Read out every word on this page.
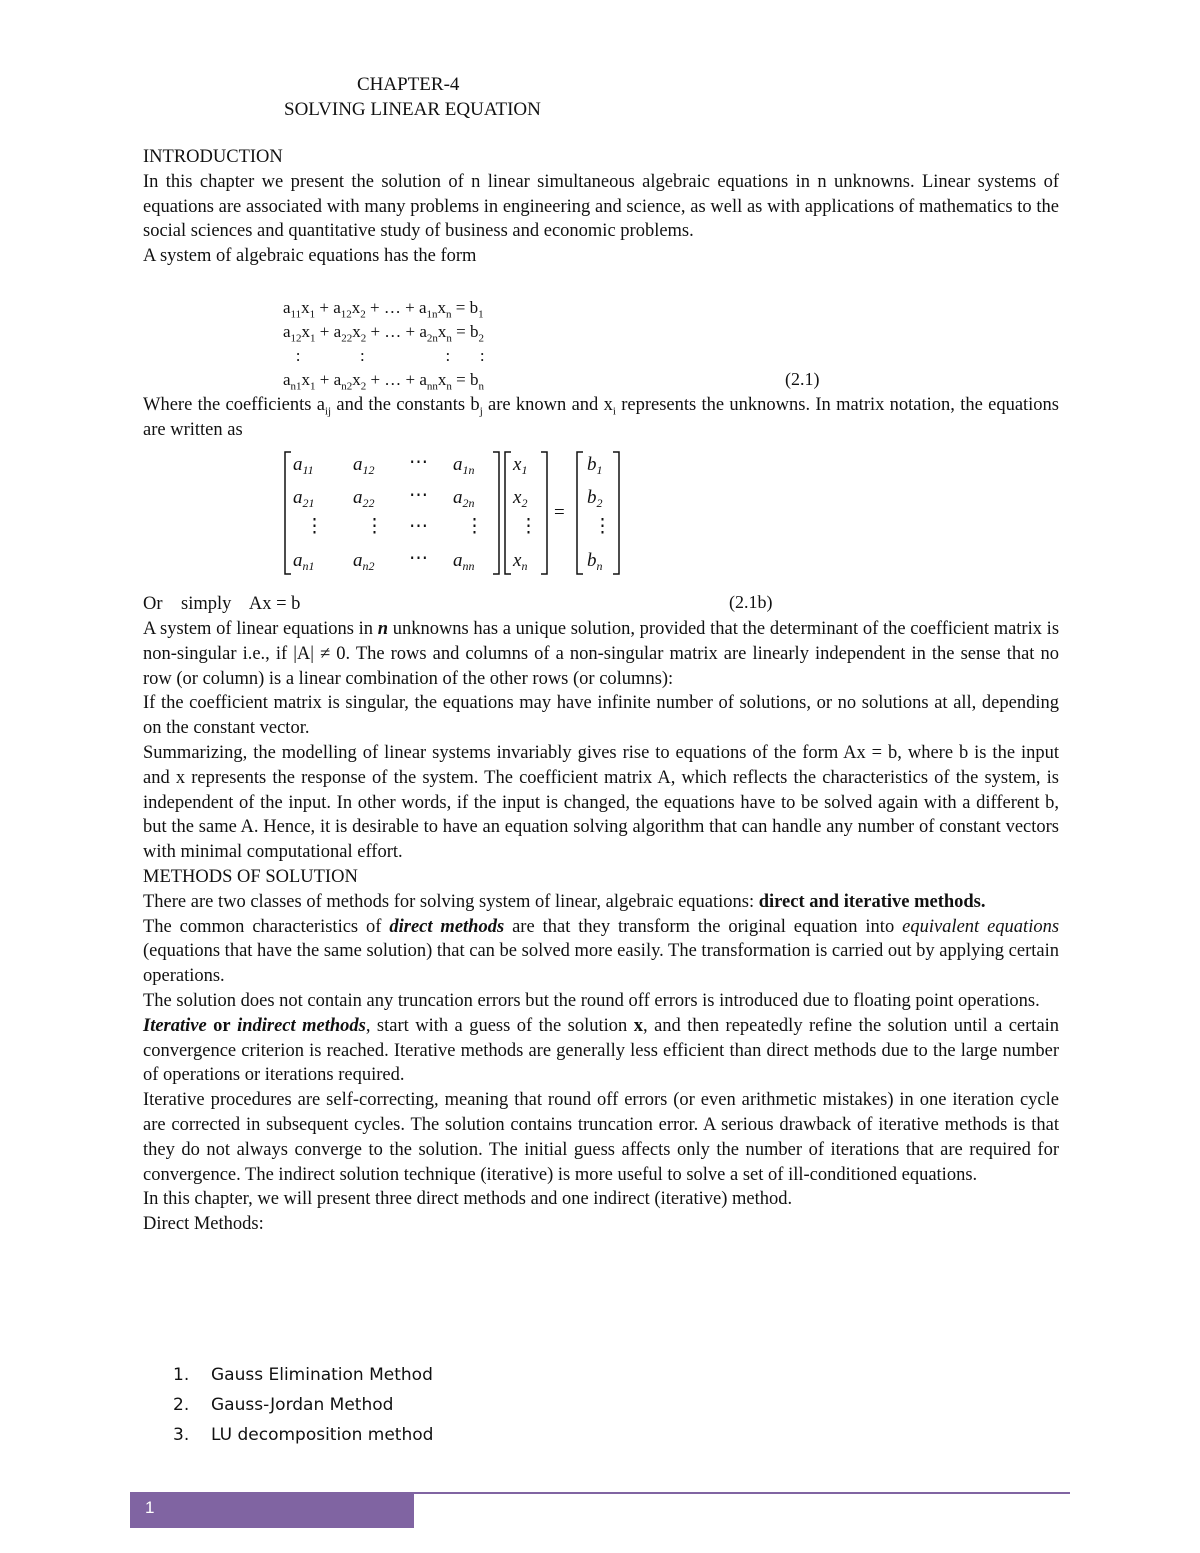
CHAPTER-4
SOLVING LINEAR EQUATION
INTRODUCTION

In this chapter we present the solution of n linear simultaneous algebraic equations in n unknowns. Linear systems of equations are associated with many problems in engineering and science, as well as with applications of mathematics to the social sciences and quantitative study of business and economic problems.

A system of algebraic equations has the form
$a_{11}x_1 + a_{12}x_2$ + … + $a_{1n}x_n = b_1$
$a_{12}x_1 + a_{22}x_2$ + … + $a_{2n}x_n = b_2$
:              :                   :       :
$a_{n1}x_1 + a_{n2}x_2$ + … + $a_{nn}x_n = b_n$	(2.1)

Where the coefficients $a_{ij}$ and the constants $b_j$ are known and $x_i$ represents the unknowns. In matrix notation, the equations are written as

$a_{11}$ $a_{12}$ ⋯ $a_{1n}$
$a_{21}$ $a_{22}$ ⋯ $a_{2n}$
⋮ ⋮ ⋯ ⋮
$a_{n1}$ $a_{n2}$ ⋯ $a_{nn}$
$x_1$
$x_2$
⋮
$x_n$
=
$b_1$
$b_2$
⋮
$b_n$
Or    simply    Ax = b	(2.1b)

A system of linear equations in n unknowns has a unique solution, provided that the determinant of the coefficient matrix is non-singular i.e., if |A| ≠ 0. The rows and columns of a non-singular matrix are linearly independent in the sense that no row (or column) is a linear combination of the other rows (or columns):

If the coefficient matrix is singular, the equations may have infinite number of solutions, or no solutions at all, depending on the constant vector.

Summarizing, the modelling of linear systems invariably gives rise to equations of the form Ax = b, where b is the input and x represents the response of the system. The coefficient matrix A, which reflects the characteristics of the system, is independent of the input. In other words, if the input is changed, the equations have to be solved again with a different b, but the same A. Hence, it is desirable to have an equation solving algorithm that can handle any number of constant vectors with minimal computational effort.

METHODS OF SOLUTION

There are two classes of methods for solving system of linear, algebraic equations: direct and iterative methods.

The common characteristics of direct methods are that they transform the original equation into equivalent equations (equations that have the same solution) that can be solved more easily. The transformation is carried out by applying certain operations.

The solution does not contain any truncation errors but the round off errors is introduced due to floating point operations.

Iterative or indirect methods, start with a guess of the solution x, and then repeatedly refine the solution until a certain convergence criterion is reached. Iterative methods are generally less efficient than direct methods due to the large number of operations or iterations required.

Iterative procedures are self-correcting, meaning that round off errors (or even arithmetic mistakes) in one iteration cycle are corrected in subsequent cycles. The solution contains truncation error. A serious drawback of iterative methods is that they do not always converge to the solution. The initial guess affects only the number of iterations that are required for convergence. The indirect solution technique (iterative) is more useful to solve a set of ill-conditioned equations.

In this chapter, we will present three direct methods and one indirect (iterative) method.
Direct Methods:
1. Gauss Elimination Method
2. Gauss-Jordan Method
3. LU decomposition method
1
